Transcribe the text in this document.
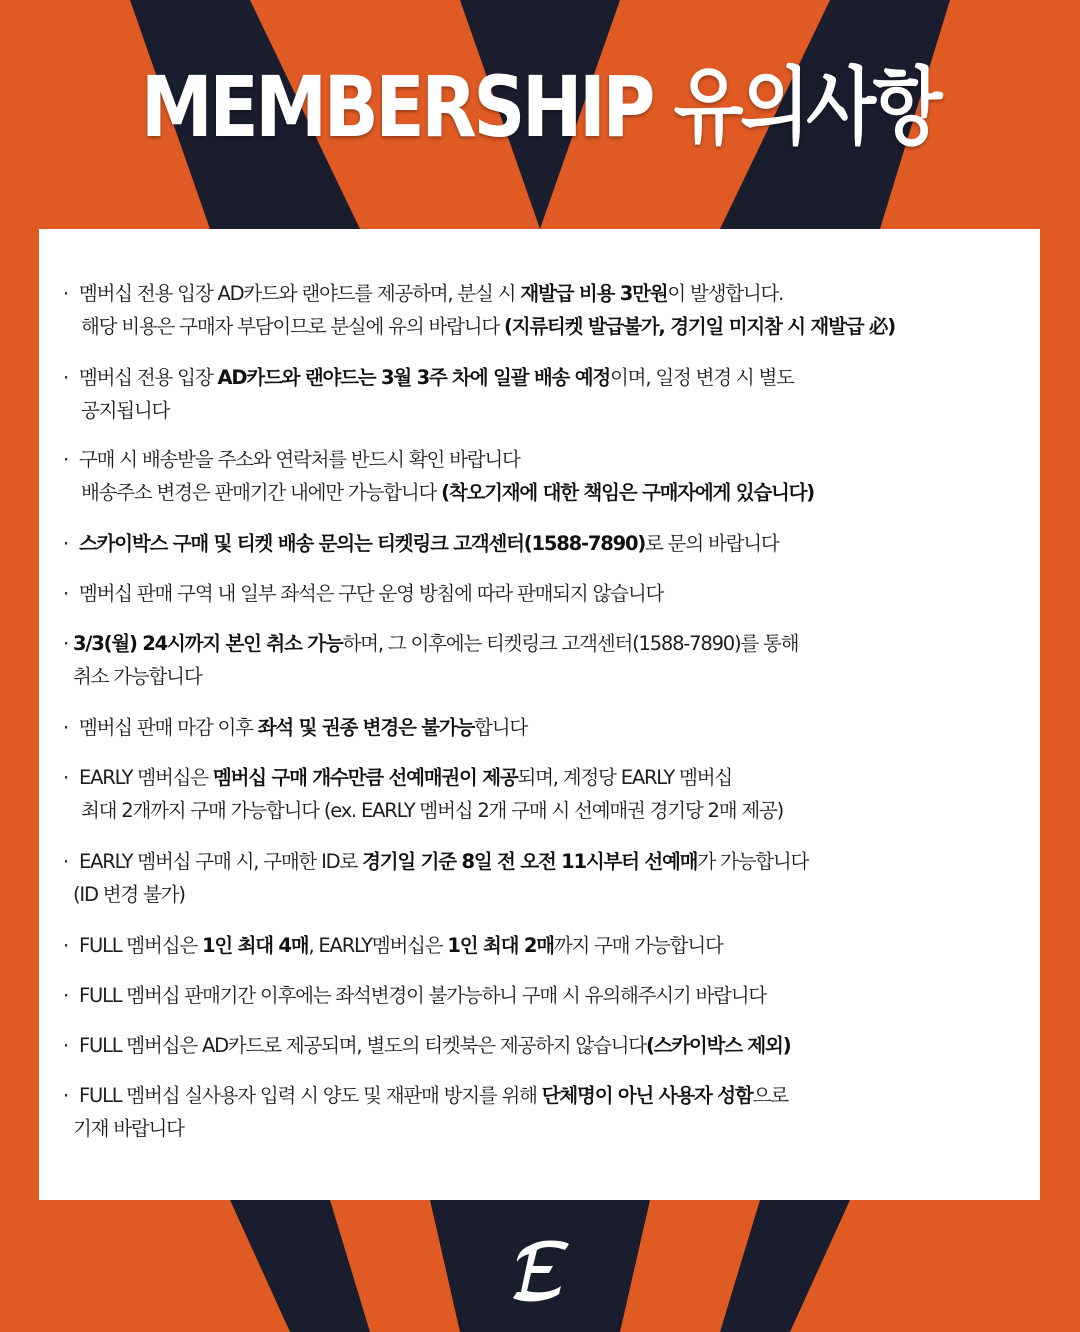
MEMBERSHIP 유의사항
· 멤버십 전용 입장 AD카드와 랜야드를 제공하며, 분실 시 재발급 비용 3만원이 발생합니다.
해당 비용은 구매자 부담이므로 분실에 유의 바랍니다 (지류티켓 발급불가, 경기일 미지참 시 재발급 必)
· 멤버십 전용 입장 AD카드와 랜야드는 3월 3주 차에 일괄 배송 예정이며, 일정 변경 시 별도
공지됩니다
· 구매 시 배송받을 주소와 연락처를 반드시 확인 바랍니다
배송주소 변경은 판매기간 내에만 가능합니다 (착오기재에 대한 책임은 구매자에게 있습니다)
· 스카이박스 구매 및 티켓 배송 문의는 티켓링크 고객센터(1588-7890)로 문의 바랍니다
· 멤버십 판매 구역 내 일부 좌석은 구단 운영 방침에 따라 판매되지 않습니다
· 3/3(월) 24시까지 본인 취소 가능하며, 그 이후에는 티켓링크 고객센터(1588-7890)를 통해
취소 가능합니다
· 멤버십 판매 마감 이후 좌석 및 권종 변경은 불가능합니다
· EARLY 멤버십은 멤버십 구매 개수만큼 선예매권이 제공되며, 계정당 EARLY 멤버십
최대 2개까지 구매 가능합니다 (ex. EARLY 멤버십 2개 구매 시 선예매권 경기당 2매 제공)
· EARLY 멤버십 구매 시, 구매한 ID로 경기일 기준 8일 전 오전 11시부터 선예매가 가능합니다
(ID 변경 불가)
· FULL 멤버십은 1인 최대 4매, EARLY멤버십은 1인 최대 2매까지 구매 가능합니다
· FULL 멤버십 판매기간 이후에는 좌석변경이 불가능하니 구매 시 유의해주시기 바랍니다
· FULL 멤버십은 AD카드로 제공되며, 별도의 티켓북은 제공하지 않습니다(스카이박스 제외)
· FULL 멤버십 실사용자 입력 시 양도 및 재판매 방지를 위해 단체명이 아닌 사용자 성함으로
기재 바랍니다
